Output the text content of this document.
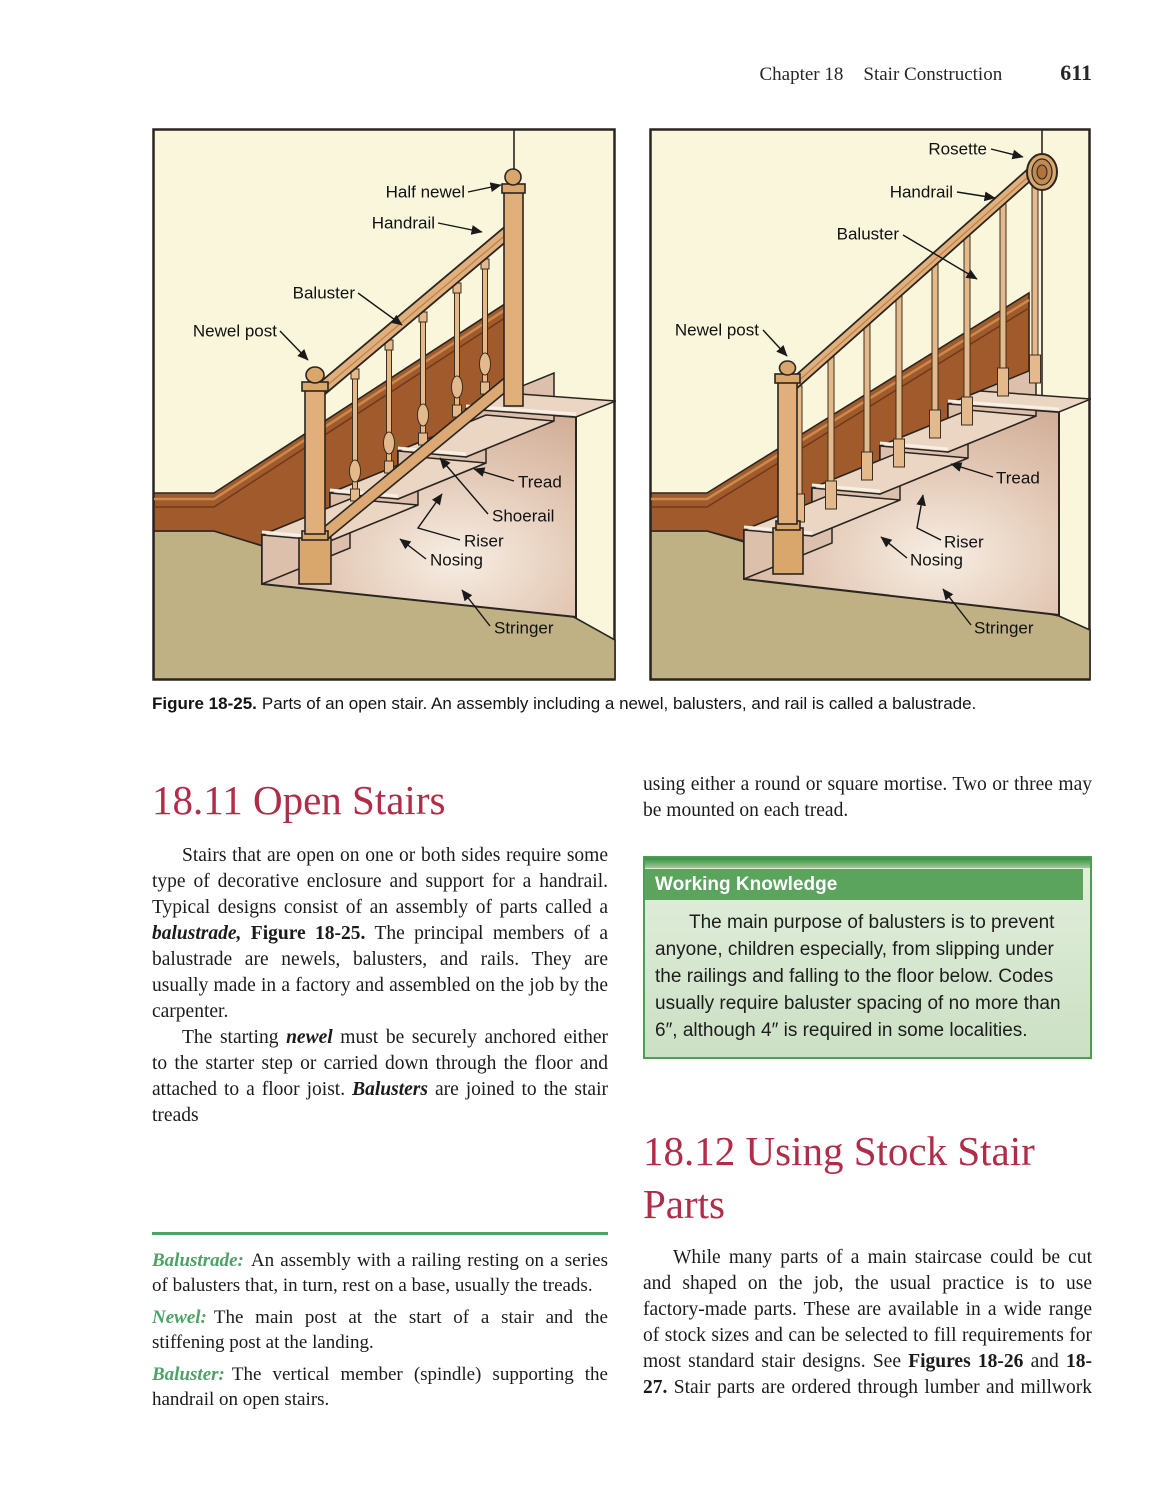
Chapter 18 Stair Construction	611
Half newel
Handrail
Baluster
Newel post
Tread
Shoerail
Riser
Nosing
Stringer
Rosette
Handrail
Baluster
Newel post
Tread
Riser
Nosing
Stringer

Figure 18-25. Parts of an open stair. An assembly including a newel, balusters, and rail is called a balustrade.

18.11 Open Stairs

Stairs that are open on one or both sides require some type of decorative enclosure and support for a handrail. Typical designs consist of an assembly of parts called a balustrade, Figure 18-25. The principal members of a balustrade are newels, balusters, and rails. They are usually made in a factory and assembled on the job by the carpenter.

The starting newel must be securely anchored either to the starter step or carried down through the floor and attached to a floor joist. Balusters are joined to the stair treads

Balustrade: An assembly with a railing resting on a series of balusters that, in turn, rest on a base, usually the treads.

Newel: The main post at the start of a stair and the stiffening post at the landing.

Baluster: The vertical member (spindle) supporting the handrail on open stairs.

using either a round or square mortise. Two or three may be mounted on each tread.

Working Knowledge

The main purpose of balusters is to prevent anyone, children especially, from slipping under the railings and falling to the floor below. Codes usually require baluster spacing of no more than 6″, although 4″ is required in some localities.

18.12 Using Stock Stair Parts

While many parts of a main staircase could be cut and shaped on the job, the usual practice is to use factory-made parts. These are available in a wide range of stock sizes and can be selected to fill requirements for most standard stair designs. See Figures 18-26 and 18-27. Stair parts are ordered through lumber and millwork
